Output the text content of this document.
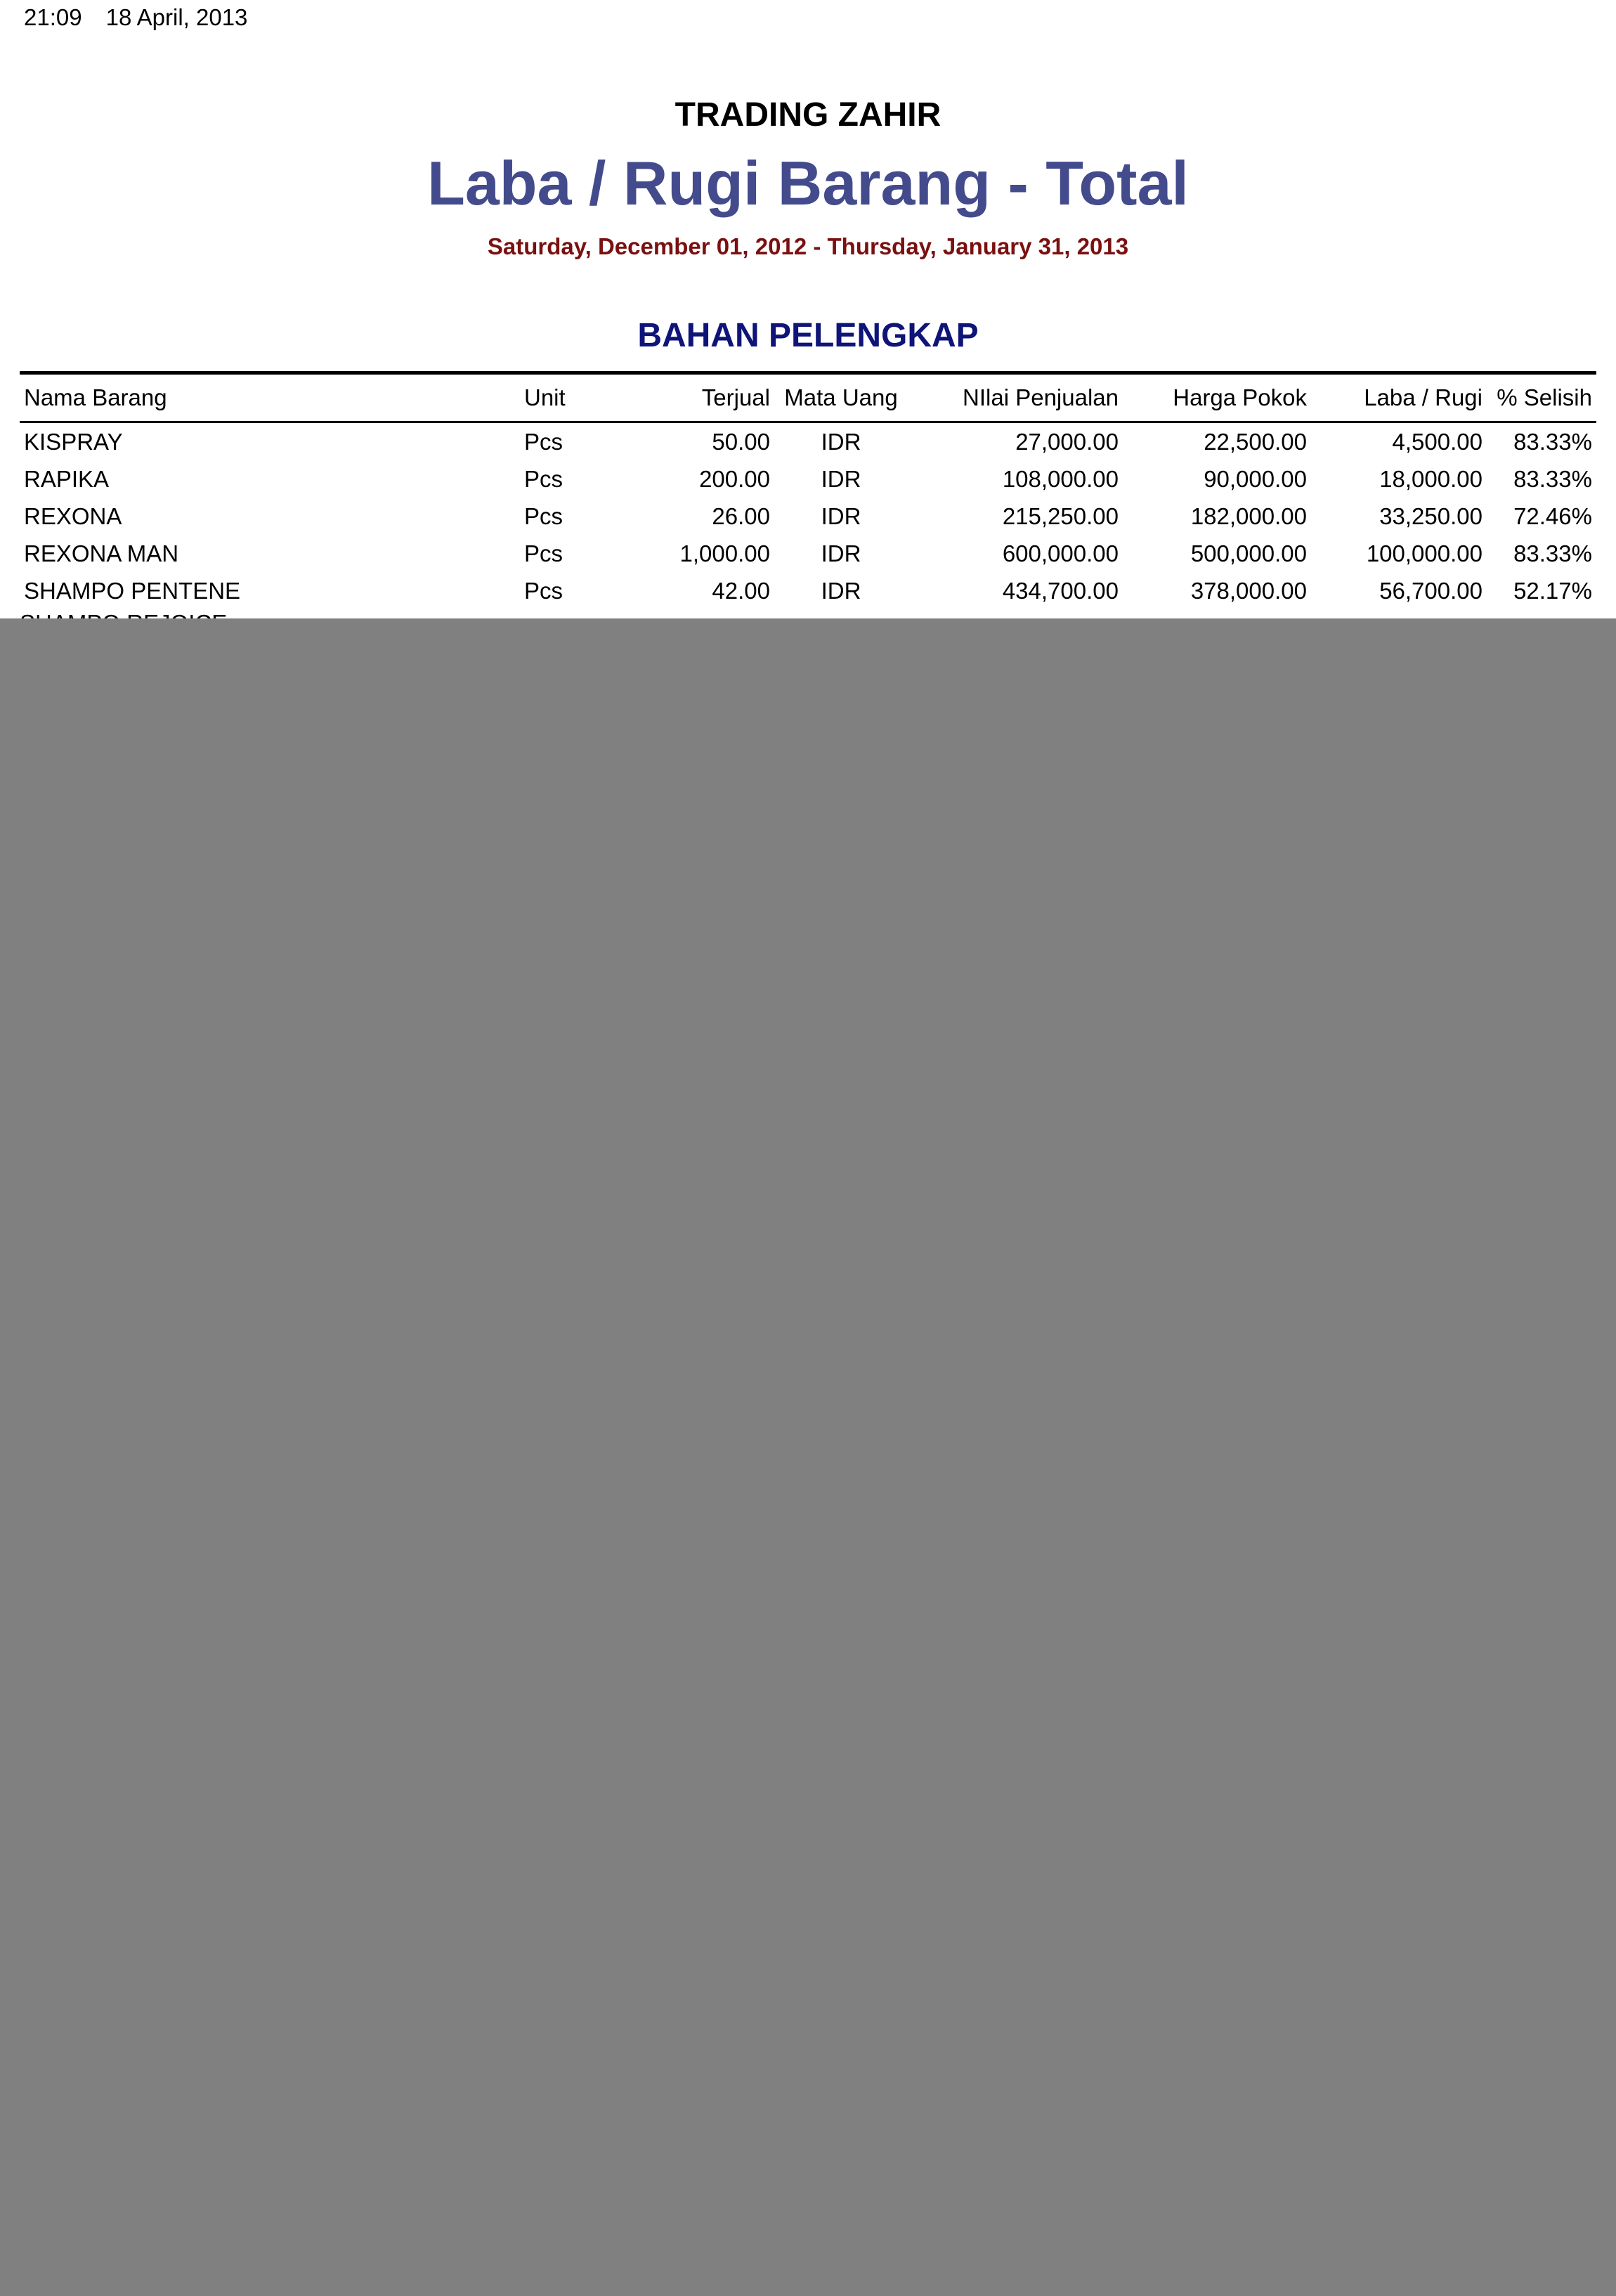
21:09 18 April, 2013
TRADING ZAHIR
Laba / Rugi Barang - Total
Saturday, December 01, 2012 - Thursday, January 31, 2013
BAHAN PELENGKAP
Nama Barang	Unit	Terjual	Mata Uang	NIlai Penjualan	Harga Pokok	Laba / Rugi	% Selisih
KISPRAY	Pcs	50.00	IDR	27,000.00	22,500.00	4,500.00	83.33%
RAPIKA	Pcs	200.00	IDR	108,000.00	90,000.00	18,000.00	83.33%
REXONA	Pcs	26.00	IDR	215,250.00	182,000.00	33,250.00	72.46%
REXONA MAN	Pcs	1,000.00	IDR	600,000.00	500,000.00	100,000.00	83.33%
SHAMPO PENTENE	Pcs	42.00	IDR	434,700.00	378,000.00	56,700.00	52.17%
